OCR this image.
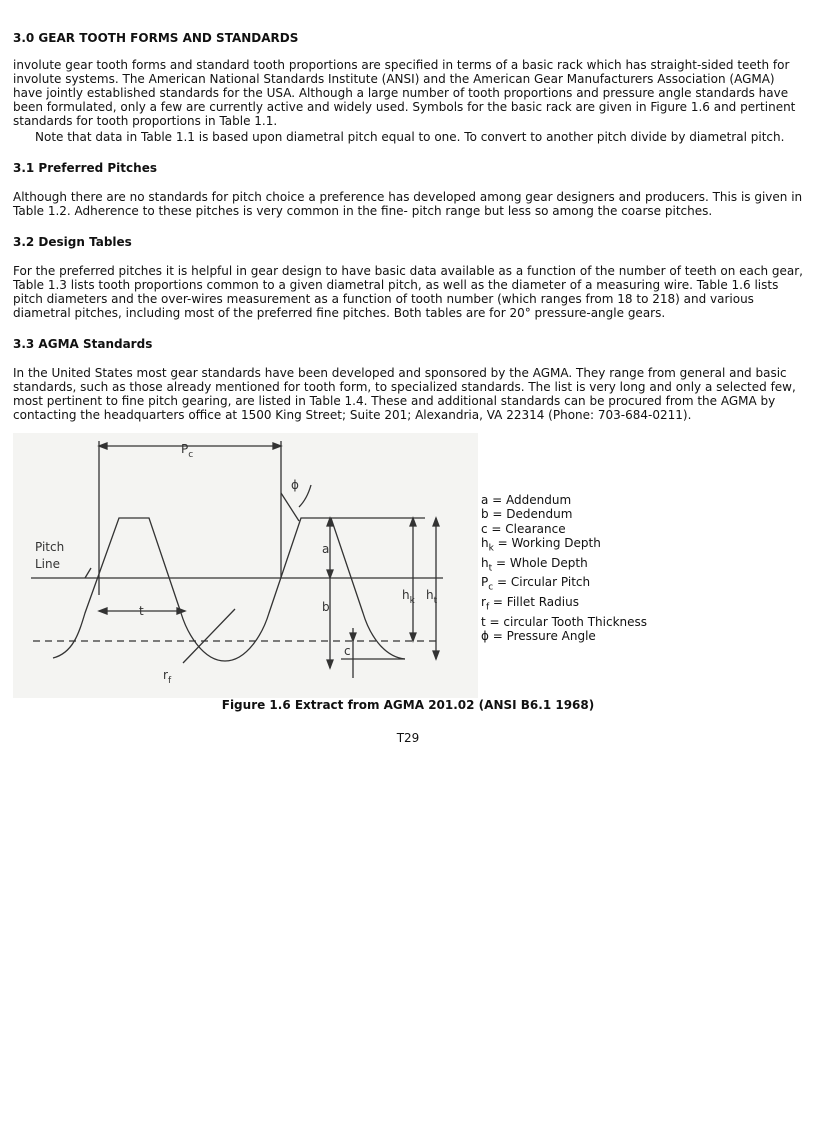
3.0 GEAR TOOTH FORMS AND STANDARDS

involute gear tooth forms and standard tooth proportions are specified in terms of a basic rack which has straight-sided teeth for involute systems. The American National Standards Institute (ANSI) and the American Gear Manufacturers Association (AGMA) have jointly established standards for the USA. Although a large number of tooth proportions and pressure angle standards have been formulated, only a few are currently active and widely used. Symbols for the basic rack are given in Figure 1.6 and pertinent standards for tooth proportions in Table 1.1.

Note that data in Table 1.1 is based upon diametral pitch equal to one. To convert to another pitch divide by diametral pitch.

3.1 Preferred Pitches

Although there are no standards for pitch choice a preference has developed among gear designers and producers. This is given in Table 1.2. Adherence to these pitches is very common in the fine- pitch range but less so among the coarse pitches.

3.2 Design Tables

For the preferred pitches it is helpful in gear design to have basic data available as a function of the number of teeth on each gear, Table 1.3 lists tooth proportions common to a given diametral pitch, as well as the diameter of a measuring wire. Table 1.6 lists pitch diameters and the over-wires measurement as a function of tooth number (which ranges from 18 to 218) and various diametral pitches, including most of the preferred fine pitches. Both tables are for 20° pressure-angle gears.

3.3 AGMA Standards

In the United States most gear standards have been developed and sponsored by the AGMA. They range from general and basic standards, such as those already mentioned for tooth form, to specialized standards. The list is very long and only a selected few, most pertinent to fine pitch gearing, are listed in Table 1.4. These and additional standards can be procured from the AGMA by contacting the headquarters office at 1500 King Street; Suite 201; Alexandria, VA 22314 (Phone: 703-684-0211).

$P_c$
ϕ
Pitch
Line
t
a
b
c
$h_k$ $h_t$
$r_f$
a = Addendum
b = Dedendum
c = Clearance
$h_k$ = Working Depth
$h_t$ = Whole Depth
$P_c$ = Circular Pitch
$r_f$ = Fillet Radius
t = circular Tooth Thickness
ϕ = Pressure Angle
Figure 1.6 Extract from AGMA 201.02 (ANSI B6.1 1968)
T29
